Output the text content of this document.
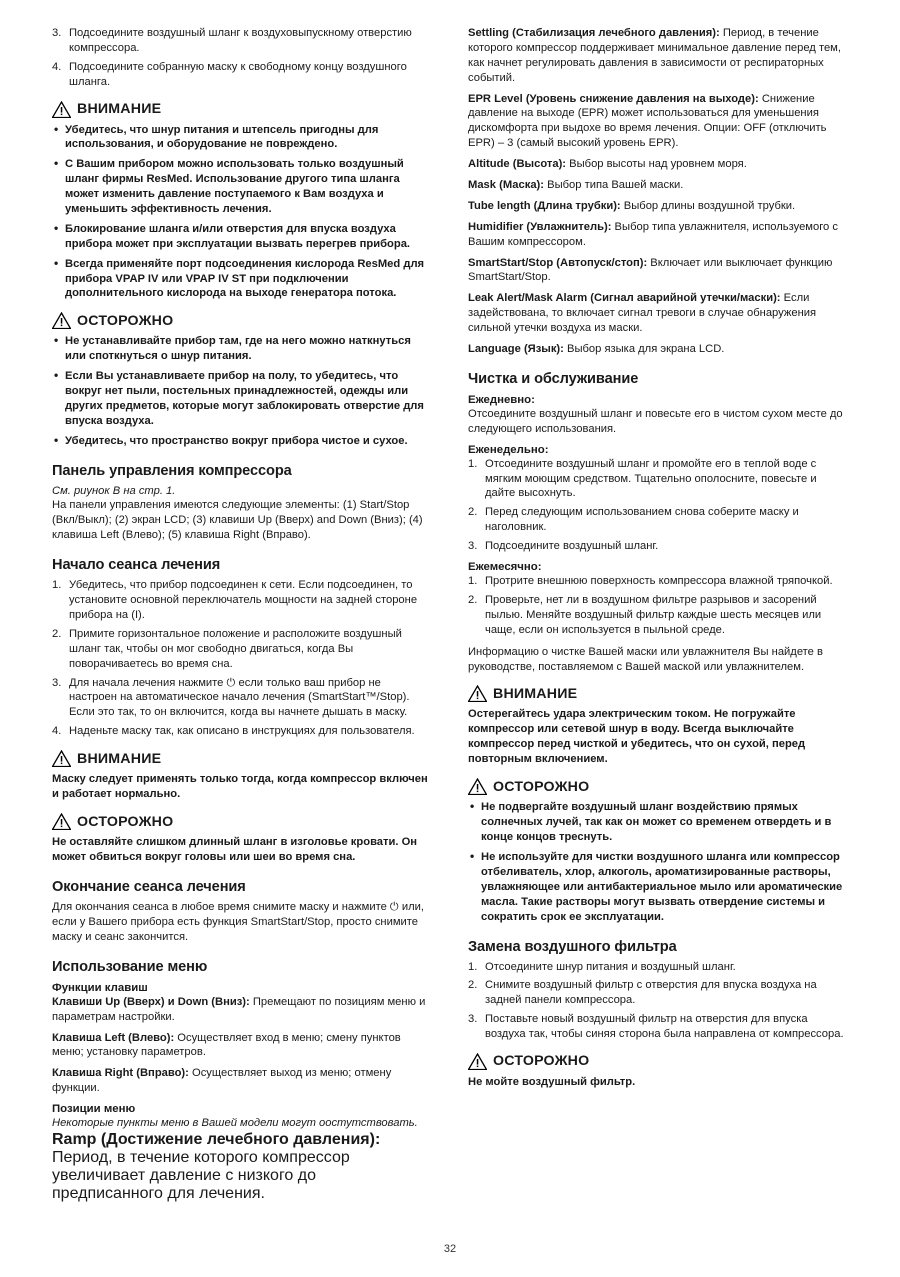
3. Подсоедините воздушный шланг к воздуховыпускному отверстию компрессора.
4. Подсоедините собранную маску к свободному концу воздушного шланга.
ВНИМАНИЕ
• Убедитесь, что шнур питания и штепсель пригодны для использования, и оборудование не повреждено.
• С Вашим прибором можно использовать только воздушный шланг фирмы ResMed. Использование другого типа шланга может изменить давление поступаемого к Вам воздуха и уменьшить эффективность лечения.
• Блокирование шланга и/или отверстия для впуска воздуха прибора может при эксплуатации вызвать перегрев прибора.
• Всегда применяйте порт подсоединения кислорода ResMed для прибора VPAP IV или VPAP IV ST при подключении дополнительного кислорода на выходе генератора потока.
ОСТОРОЖНО
• Не устанавливайте прибор там, где на него можно наткнуться или споткнуться о шнур питания.
• Если Вы устанавливаете прибор на полу, то убедитесь, что вокруг нет пыли, постельных принадлежностей, одежды или других предметов, которые могут заблокировать отверстие для впуска воздуха.
• Убедитесь, что пространство вокруг прибора чистое и сухое.
Панель управления компрессора
См. риунок B на стр. 1.
На панели управления имеются следующие элементы: (1) Start/Stop (Вкл/Выкл); (2) экран LCD; (3) клавиши Up (Вверх) and Down (Вниз); (4) клавиша Left (Влево); (5) клавиша Right (Вправо).
Начало сеанса лечения
1. Убедитесь, что прибор подсоединен к сети. Если подсоединен, то установите основной переключатель мощности на задней стороне прибора на (I).
2. Примите горизонтальное положение и расположите воздушный шланг так, чтобы он мог свободно двигаться, когда Вы поворачиваетесь во время сна.
3. Для начала лечения нажмите ⏻ если только ваш прибор не настроен на автоматическое начало лечения (SmartStart™/Stop). Если это так, то он включится, когда вы начнете дышать в маску.
4. Наденьте маску так, как описано в инструкциях для пользователя.
ВНИМАНИЕ
Маску следует применять только тогда, когда компрессор включен и работает нормально.
ОСТОРОЖНО
Не оставляйте слишком длинный шланг в изголовье кровати. Он может обвиться вокруг головы или шеи во время сна.
Окончание сеанса лечения
Для окончания сеанса в любое время снимите маску и нажмите ⏻ или, если у Вашего прибора есть функция SmartStart/Stop, просто снимите маску и сеанс закончится.
Использование меню
Функции клавиш
Клавиши Up (Вверх) и Down (Вниз): Премещают по позициям меню и параметрам настройки.
Клавиша Left (Влево): Осуществляет вход в меню; смену пунктов меню; установку параметров.
Клавиша Right (Вправо): Осуществляет выход из меню; отмену функции.
Позиции меню
Некоторые пункты меню в Вашей модели могут оостутствовать.
Ramp (Достижение лечебного давления): Период, в течение которого компрессор увеличивает давление с низкого до предписанного для лечения.
Settling (Стабилизация лечебного давления): Период, в течение которого компрессор поддерживает минимальное давление перед тем, как начнет регулировать давления в зависимости от респираторных событий.
EPR Level (Уровень снижение давления на выходе): Снижение давление на выходе (EPR) может использоваться для уменьшения дискомфорта при выдохе во время лечения. Опции: OFF (отключить EPR) – 3 (самый высокий уровень EPR).
Altitude (Высота): Выбор высоты над уровнем моря.
Mask (Маска): Выбор типа Вашей маски.
Tube length (Длина трубки): Выбор длины воздушной трубки.
Humidifier (Увлажнитель): Выбор типа увлажнителя, используемого с Вашим компрессором.
SmartStart/Stop (Автопуск/стоп): Включает или выключает функцию SmartStart/Stop.
Leak Alert/Mask Alarm (Сигнал аварийной утечки/маски): Если задействована, то включает сигнал тревоги в случае обнаружения сильной утечки воздуха из маски.
Language (Язык): Выбор языка для экрана LCD.
Чистка и обслуживание
Ежедневно:
Отсоедините воздушный шланг и повесьте его в чистом сухом месте до следующего использования.
Еженедельно:
1. Отсоедините воздушный шланг и промойте его в теплой воде с мягким моющим средством. Тщательно ополосните, повесьте и дайте высохнуть.
2. Перед следующим использованием снова соберите маску и наголовник.
3. Подсоедините воздушный шланг.
Ежемесячно:
1. Протрите внешнюю поверхность компрессора влажной тряпочкой.
2. Проверьте, нет ли в воздушном фильтре разрывов и засорений пылью. Меняйте воздушный фильтр каждые шесть месяцев или чаще, если он используется в пыльной среде.
Информацию о чистке Вашей маски или увлажнителя Вы найдете в руководстве, поставляемом с Вашей маской или увлажнителем.
ВНИМАНИЕ
Остерегайтесь удара электрическим током. Не погружайте компрессор или сетевой шнур в воду. Всегда выключайте компрессор перед чисткой и убедитесь, что он сухой, перед повторным включением.
ОСТОРОЖНО
• Не подвергайте воздушный шланг воздействию прямых солнечных лучей, так как он может со временем отвердеть и в конце концов треснуть.
• Не используйте для чистки воздушного шланга или компрессор отбеливатель, хлор, алкоголь, ароматизированные растворы, увлажняющее или антибактериальное мыло или ароматические масла. Такие растворы могут вызвать отвердение системы и сократить срок ее эксплуатации.
Замена воздушного фильтра
1. Отсоедините шнур питания и воздушный шланг.
2. Снимите воздушный фильтр с отверстия для впуска воздуха на задней панели компрессора.
3. Поставьте новый воздушный фильтр на отверстия для впуска воздуха так, чтобы синяя сторона была направлена от компрессора.
ОСТОРОЖНО
Не мойте воздушный фильтр.
32
